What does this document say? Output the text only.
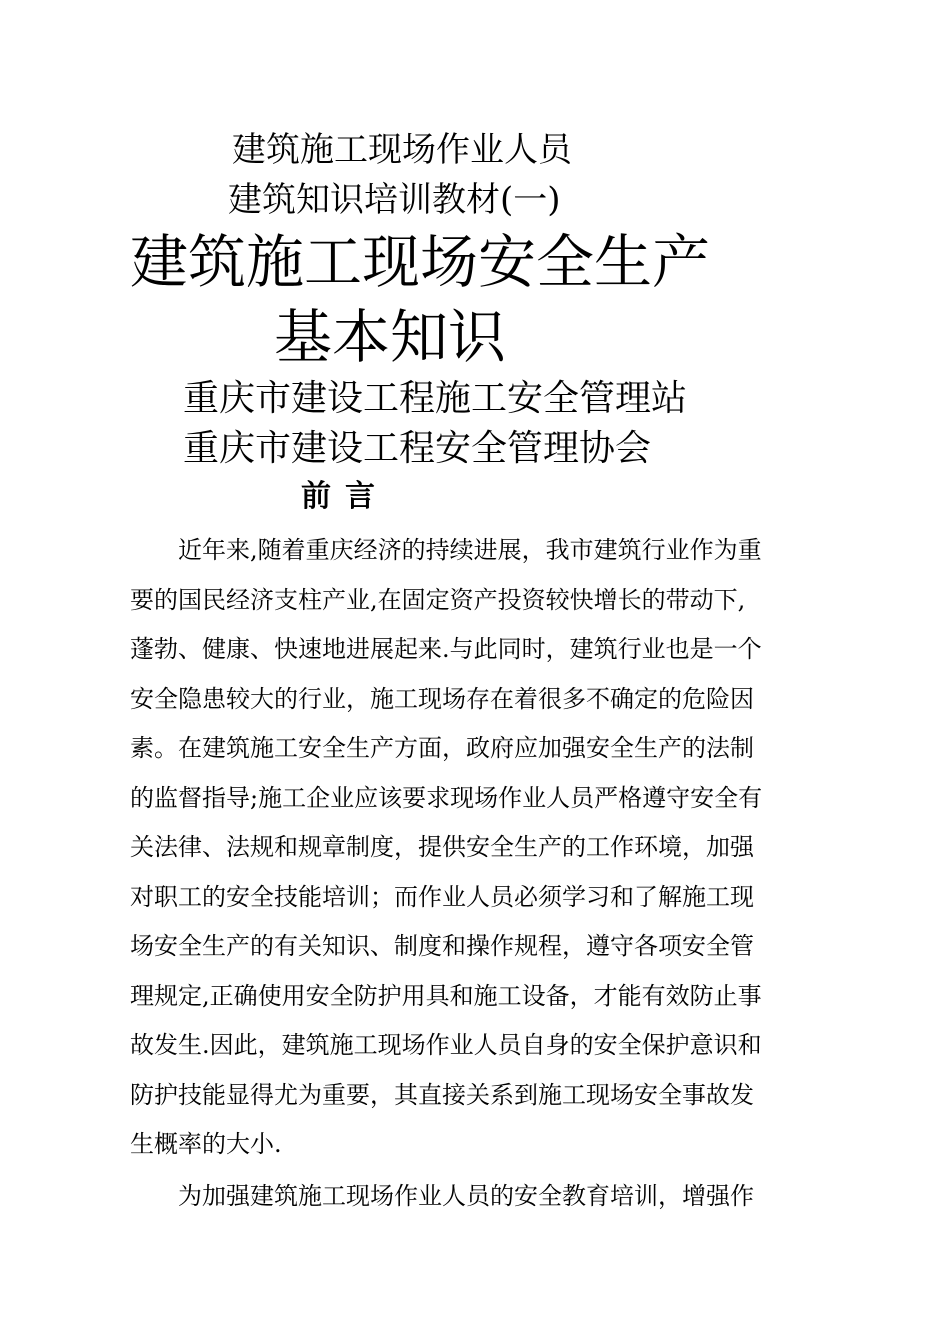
建筑施工现场作业人员
建筑知识培训教材(一)
建筑施工现场安全生产
基本知识
重庆市建设工程施工安全管理站
重庆市建设工程安全管理协会
前言
　　近年来,随着重庆经济的持续进展，我市建筑行业作为重
要的国民经济支柱产业,在固定资产投资较快增长的带动下,
蓬勃、健康、快速地进展起来.与此同时，建筑行业也是一个
安全隐患较大的行业，施工现场存在着很多不确定的危险因
素。在建筑施工安全生产方面，政府应加强安全生产的法制
的监督指导;施工企业应该要求现场作业人员严格遵守安全有
关法律、法规和规章制度，提供安全生产的工作环境，加强
对职工的安全技能培训；而作业人员必须学习和了解施工现
场安全生产的有关知识、制度和操作规程，遵守各项安全管
理规定,正确使用安全防护用具和施工设备，才能有效防止事
故发生.因此，建筑施工现场作业人员自身的安全保护意识和
防护技能显得尤为重要，其直接关系到施工现场安全事故发
生概率的大小.
　　为加强建筑施工现场作业人员的安全教育培训，增强作
